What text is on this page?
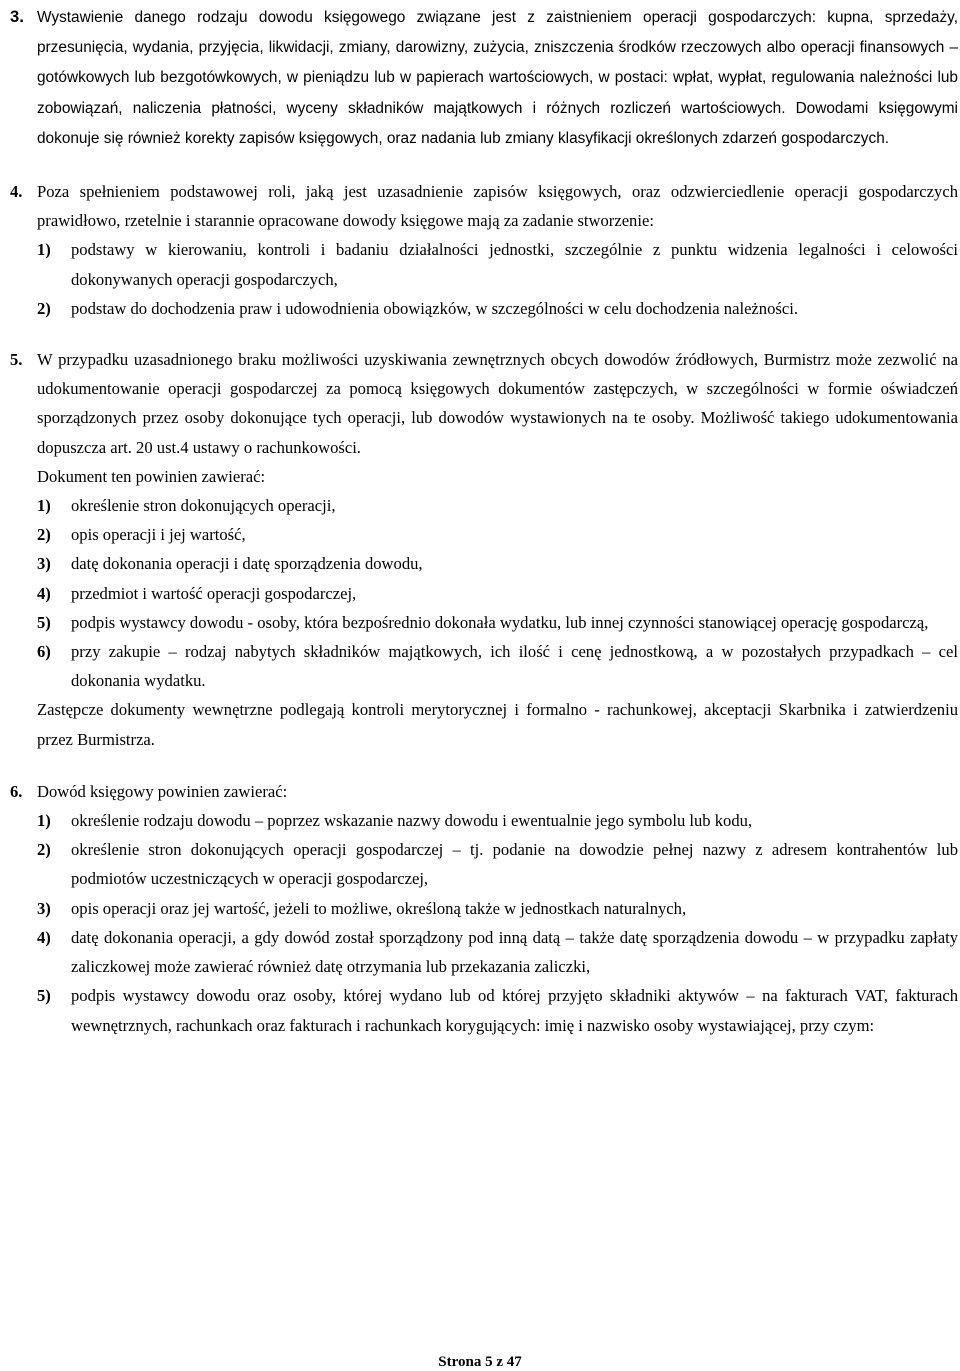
3. Wystawienie danego rodzaju dowodu księgowego związane jest z zaistnieniem operacji gospodarczych: kupna, sprzedaży, przesunięcia, wydania, przyjęcia, likwidacji, zmiany, darowizny, zużycia, zniszczenia środków rzeczowych albo operacji finansowych – gotówkowych lub bezgotówkowych, w pieniądzu lub w papierach wartościowych, w postaci: wpłat, wypłat, regulowania należności lub zobowiązań, naliczenia płatności, wyceny składników majątkowych i różnych rozliczeń wartościowych. Dowodami księgowymi dokonuje się również korekty zapisów księgowych, oraz nadania lub zmiany klasyfikacji określonych zdarzeń gospodarczych.
4. Poza spełnieniem podstawowej roli, jaką jest uzasadnienie zapisów księgowych, oraz odzwierciedlenie operacji gospodarczych prawidłowo, rzetelnie i starannie opracowane dowody księgowe mają za zadanie stworzenie:
1) podstawy w kierowaniu, kontroli i badaniu działalności jednostki, szczególnie z punktu widzenia legalności i celowości dokonywanych operacji gospodarczych,
2) podstaw do dochodzenia praw i udowodnienia obowiązków, w szczególności w celu dochodzenia należności.
5. W przypadku uzasadnionego braku możliwości uzyskiwania zewnętrznych obcych dowodów źródłowych, Burmistrz może zezwolić na udokumentowanie operacji gospodarczej za pomocą księgowych dokumentów zastępczych, w szczególności w formie oświadczeń sporządzonych przez osoby dokonujące tych operacji, lub dowodów wystawionych na te osoby. Możliwość takiego udokumentowania dopuszcza art. 20 ust.4 ustawy o rachunkowości.
Dokument ten powinien zawierać:
1) określenie stron dokonujących operacji,
2) opis operacji i jej wartość,
3) datę dokonania operacji i datę sporządzenia dowodu,
4) przedmiot i wartość operacji gospodarczej,
5) podpis wystawcy dowodu - osoby, która bezpośrednio dokonała wydatku, lub innej czynności stanowiącej operację gospodarczą,
6) przy zakupie – rodzaj nabytych składników majątkowych, ich ilość i cenę jednostkową, a w pozostałych przypadkach – cel dokonania wydatku.
Zastępcze dokumenty wewnętrzne podlegają kontroli merytorycznej i formalno - rachunkowej, akceptacji Skarbnika i zatwierdzeniu przez Burmistrza.
6. Dowód księgowy powinien zawierać:
1) określenie rodzaju dowodu – poprzez wskazanie nazwy dowodu i ewentualnie jego symbolu lub kodu,
2) określenie stron dokonujących operacji gospodarczej – tj. podanie na dowodzie pełnej nazwy z adresem kontrahentów lub podmiotów uczestniczących w operacji gospodarczej,
3) opis operacji oraz jej wartość, jeżeli to możliwe, określoną także w jednostkach naturalnych,
4) datę dokonania operacji, a gdy dowód został sporządzony pod inną datą – także datę sporządzenia dowodu – w przypadku zapłaty zaliczkowej może zawierać również datę otrzymania lub przekazania zaliczki,
5) podpis wystawcy dowodu oraz osoby, której wydano lub od której przyjęto składniki aktywów – na fakturach VAT, fakturach wewnętrznych, rachunkach oraz fakturach i rachunkach korygujących: imię i nazwisko osoby wystawiającej, przy czym:
Strona 5 z 47
